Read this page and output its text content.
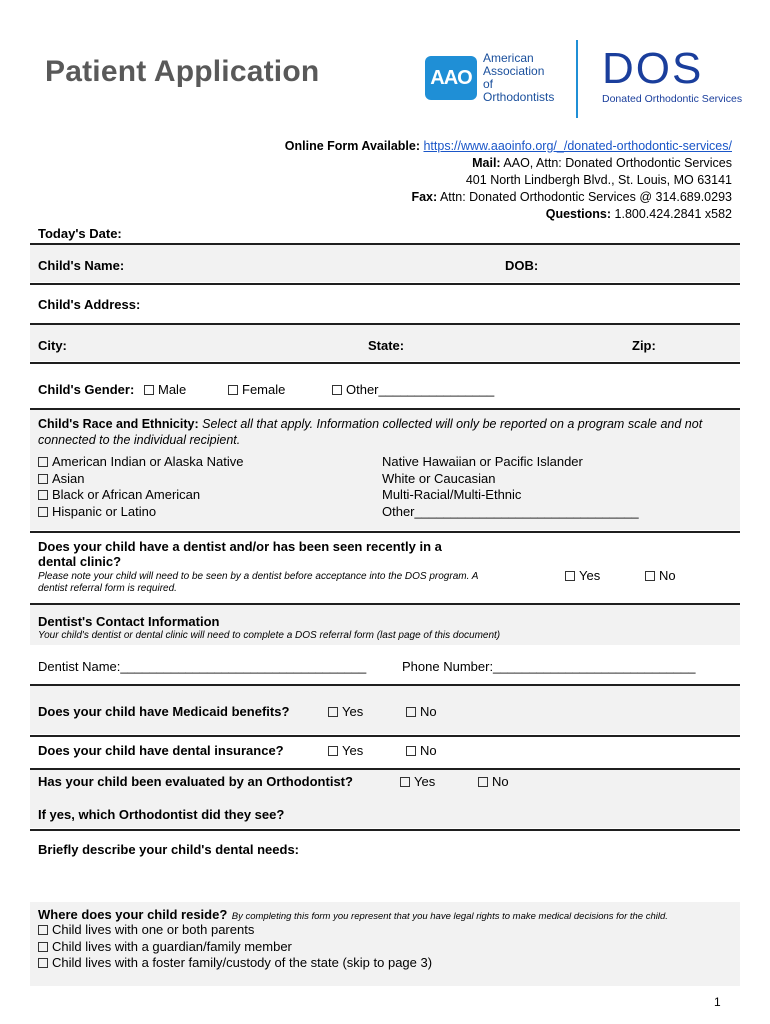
Patient Application	AAO
American
Association of
Orthodontists
DOS
Donated Orthodontic Services
Online Form Available: https://www.aaoinfo.org/_/donated-orthodontic-services/
Mail: AAO, Attn: Donated Orthodontic Services
401 North Lindbergh Blvd., St. Louis, MO 63141
Fax: Attn: Donated Orthodontic Services @ 314.689.0293
Questions: 1.800.424.2841 x582
Today's Date:
Child's Name:	DOB:
Child's Address:
City:	State:	Zip:
Child's Gender:	Male	Female	Other________________
Child's Race and Ethnicity: Select all that apply. Information collected will only be reported on a program scale and not
connected to the individual recipient.
American Indian or Alaska Native
Asian
Black or African American
Hispanic or Latino
Native Hawaiian or Pacific Islander
White or Caucasian
Multi-Racial/Multi-Ethnic
Other_______________________________
Does your child have a dentist and/or has been seen recently in a
dental clinic?
Please note your child will need to be seen by a dentist before acceptance into the DOS program. A
dentist referral form is required.
Yes	No
Dentist's Contact Information
Your child's dentist or dental clinic will need to complete a DOS referral form (last page of this document)
Dentist Name:__________________________________	Phone Number:____________________________
Does your child have Medicaid benefits?	Yes	No
Does your child have dental insurance?	Yes	No
Has your child been evaluated by an Orthodontist?	Yes	No
If yes, which Orthodontist did they see?
Briefly describe your child's dental needs:
Where does your child reside? By completing this form you represent that you have legal rights to make medical decisions for the child.
Child lives with one or both parents
Child lives with a guardian/family member
Child lives with a foster family/custody of the state (skip to page 3)
1
